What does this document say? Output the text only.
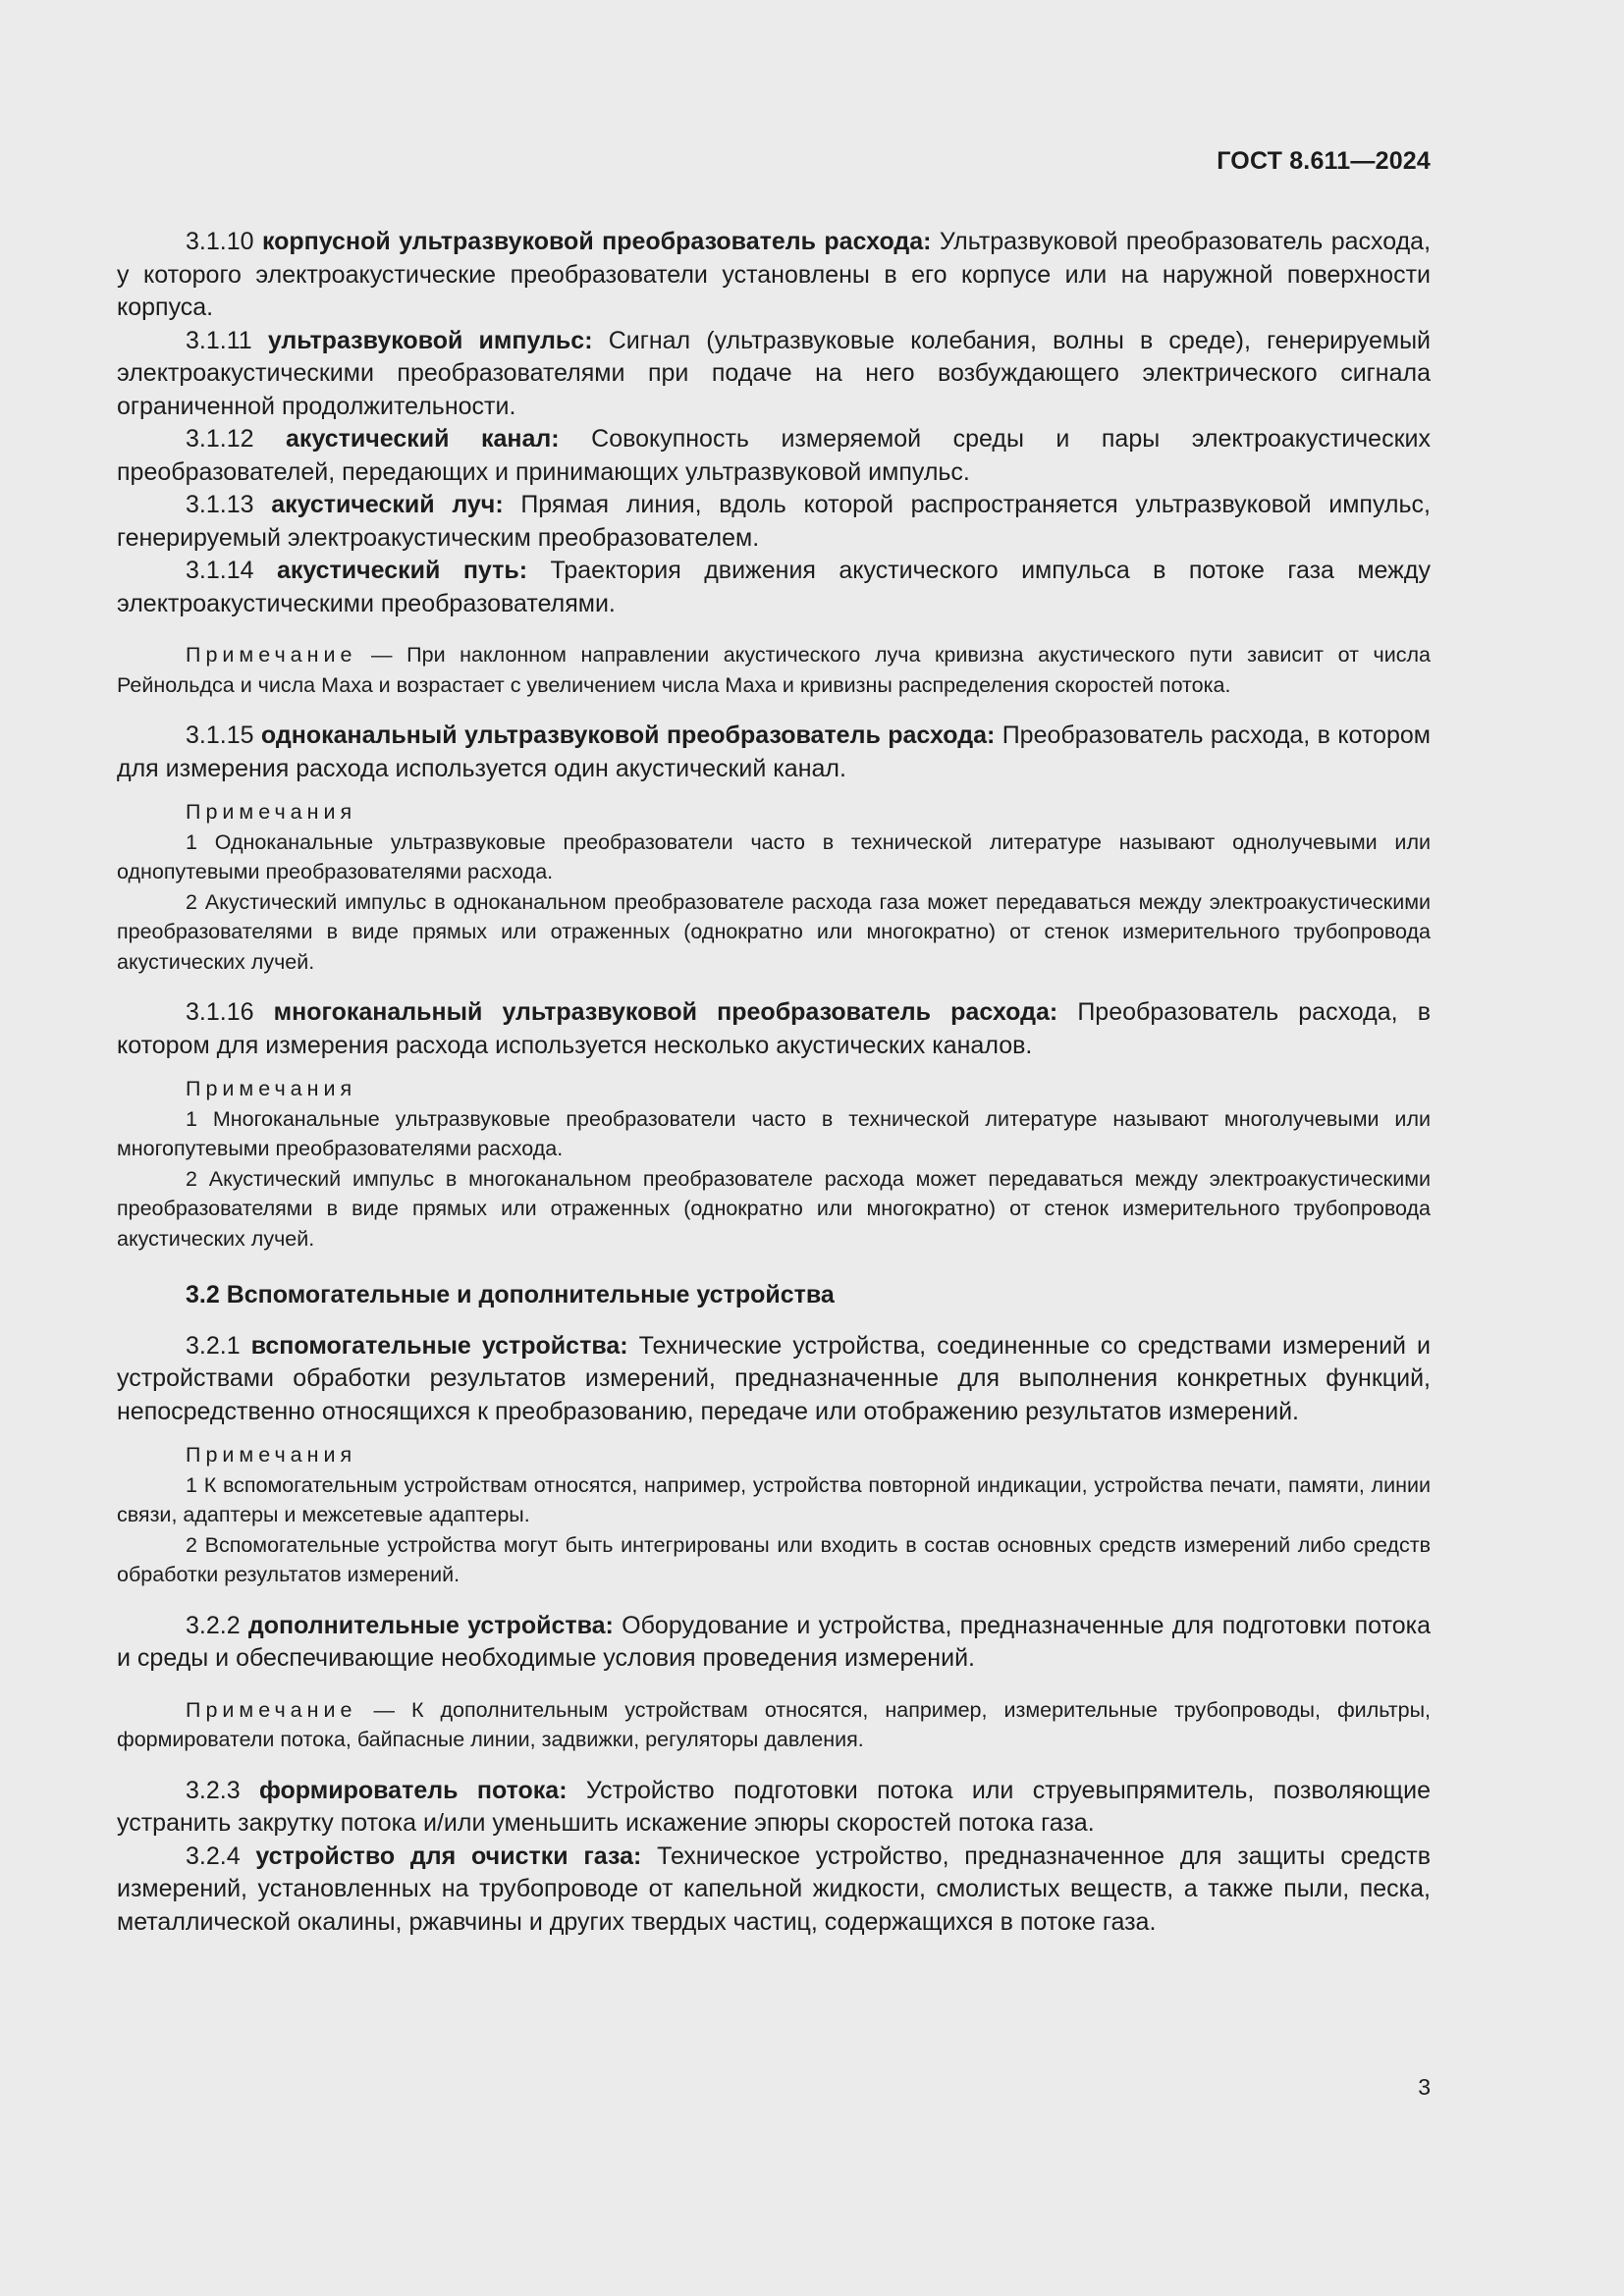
ГОСТ 8.611—2024

3.1.10 корпусной ультразвуковой преобразователь расхода: Ультразвуковой преобразователь расхода, у которого электроакустические преобразователи установлены в его корпусе или на наружной поверхности корпуса.

3.1.11 ультразвуковой импульс: Сигнал (ультразвуковые колебания, волны в среде), генерируемый электроакустическими преобразователями при подаче на него возбуждающего электрического сигнала ограниченной продолжительности.

3.1.12 акустический канал: Совокупность измеряемой среды и пары электроакустических преобразователей, передающих и принимающих ультразвуковой импульс.

3.1.13 акустический луч: Прямая линия, вдоль которой распространяется ультразвуковой импульс, генерируемый электроакустическим преобразователем.

3.1.14 акустический путь: Траектория движения акустического импульса в потоке газа между электроакустическими преобразователями.

Примечание — При наклонном направлении акустического луча кривизна акустического пути зависит от числа Рейнольдса и числа Маха и возрастает с увеличением числа Маха и кривизны распределения скоростей потока.

3.1.15 одноканальный ультразвуковой преобразователь расхода: Преобразователь расхода, в котором для измерения расхода используется один акустический канал.

Примечания

1 Одноканальные ультразвуковые преобразователи часто в технической литературе называют однолучевыми или однопутевыми преобразователями расхода.

2 Акустический импульс в одноканальном преобразователе расхода газа может передаваться между электроакустическими преобразователями в виде прямых или отраженных (однократно или многократно) от стенок измерительного трубопровода акустических лучей.

3.1.16 многоканальный ультразвуковой преобразователь расхода: Преобразователь расхода, в котором для измерения расхода используется несколько акустических каналов.

Примечания

1 Многоканальные ультразвуковые преобразователи часто в технической литературе называют многолучевыми или многопутевыми преобразователями расхода.

2 Акустический импульс в многоканальном преобразователе расхода может передаваться между электроакустическими преобразователями в виде прямых или отраженных (однократно или многократно) от стенок измерительного трубопровода акустических лучей.

3.2 Вспомогательные и дополнительные устройства

3.2.1 вспомогательные устройства: Технические устройства, соединенные со средствами измерений и устройствами обработки результатов измерений, предназначенные для выполнения конкретных функций, непосредственно относящихся к преобразованию, передаче или отображению результатов измерений.

Примечания

1 К вспомогательным устройствам относятся, например, устройства повторной индикации, устройства печати, памяти, линии связи, адаптеры и межсетевые адаптеры.

2 Вспомогательные устройства могут быть интегрированы или входить в состав основных средств измерений либо средств обработки результатов измерений.

3.2.2 дополнительные устройства: Оборудование и устройства, предназначенные для подготовки потока и среды и обеспечивающие необходимые условия проведения измерений.

Примечание — К дополнительным устройствам относятся, например, измерительные трубопроводы, фильтры, формирователи потока, байпасные линии, задвижки, регуляторы давления.

3.2.3 формирователь потока: Устройство подготовки потока или струевыпрямитель, позволяющие устранить закрутку потока и/или уменьшить искажение эпюры скоростей потока газа.

3.2.4 устройство для очистки газа: Техническое устройство, предназначенное для защиты средств измерений, установленных на трубопроводе от капельной жидкости, смолистых веществ, а также пыли, песка, металлической окалины, ржавчины и других твердых частиц, содержащихся в потоке газа.

3
